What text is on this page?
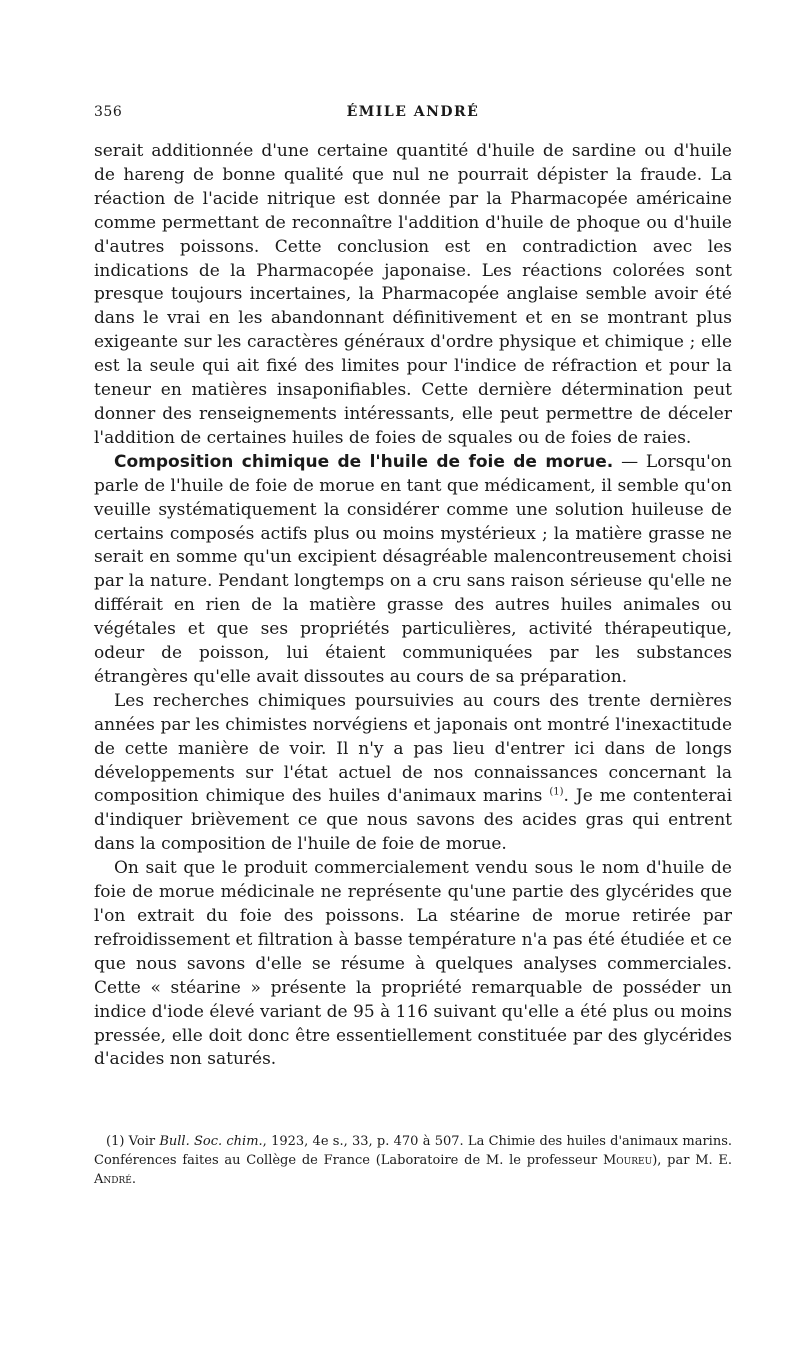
356	ÉMILE ANDRÉ

serait additionnée d'une certaine quantité d'huile de sardine ou d'huile de hareng de bonne qualité que nul ne pourrait dépister la fraude. La réaction de l'acide nitrique est donnée par la Pharmacopée américaine comme permettant de reconnaître l'addition d'huile de phoque ou d'huile d'autres poissons. Cette conclusion est en contradiction avec les indications de la Pharmacopée japonaise. Les réactions colorées sont presque toujours incertaines, la Pharmacopée anglaise semble avoir été dans le vrai en les abandonnant définitivement et en se montrant plus exigeante sur les caractères généraux d'ordre physique et chimique ; elle est la seule qui ait fixé des limites pour l'indice de réfraction et pour la teneur en matières insaponifiables. Cette dernière détermination peut donner des renseignements intéressants, elle peut permettre de déceler l'addition de certaines huiles de foies de squales ou de foies de raies.

Composition chimique de l'huile de foie de morue. — Lorsqu'on parle de l'huile de foie de morue en tant que médicament, il semble qu'on veuille systématiquement la considérer comme une solution huileuse de certains composés actifs plus ou moins mystérieux ; la matière grasse ne serait en somme qu'un excipient désagréable malencontreusement choisi par la nature. Pendant longtemps on a cru sans raison sérieuse qu'elle ne différait en rien de la matière grasse des autres huiles animales ou végétales et que ses propriétés particulières, activité thérapeutique, odeur de poisson, lui étaient communiquées par les substances étrangères qu'elle avait dissoutes au cours de sa préparation.

Les recherches chimiques poursuivies au cours des trente dernières années par les chimistes norvégiens et japonais ont montré l'inexactitude de cette manière de voir. Il n'y a pas lieu d'entrer ici dans de longs développements sur l'état actuel de nos connaissances concernant la composition chimique des huiles d'animaux marins $^{(1)}$. Je me contenterai d'indiquer brièvement ce que nous savons des acides gras qui entrent dans la composition de l'huile de foie de morue.

On sait que le produit commercialement vendu sous le nom d'huile de foie de morue médicinale ne représente qu'une partie des glycérides que l'on extrait du foie des poissons. La stéarine de morue retirée par refroidissement et filtration à basse température n'a pas été étudiée et ce que nous savons d'elle se résume à quelques analyses commerciales. Cette « stéarine » présente la propriété remarquable de posséder un indice d'iode élevé variant de 95 à 116 suivant qu'elle a été plus ou moins pressée, elle doit donc être essentiellement constituée par des glycérides d'acides non saturés.

(1) Voir Bull. Soc. chim., 1923, 4e s., 33, p. 470 à 507. La Chimie des huiles d'animaux marins. Conférences faites au Collège de France (Laboratoire de M. le professeur Moureu), par M. E. André.
